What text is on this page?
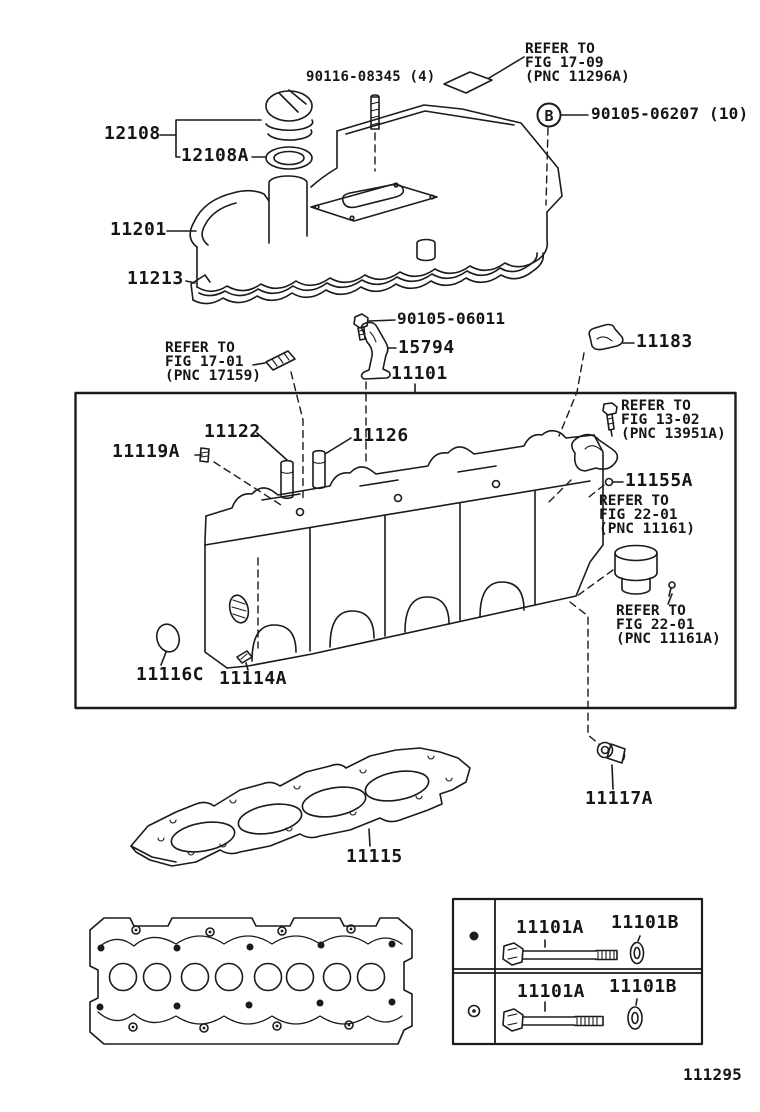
90116-08345 (4)
REFER TO
FIG 17-09
(PNC 11296A)
B 90105-06207 (10)
12108
12108A
11201
11213
90105-06011
15794
11101
REFER TO
FIG 17-01
(PNC 17159)
11122	11126
11119A
11183
REFER TO
FIG 13-02
(PNC 13951A)
11155A
REFER TO
FIG 22-01
(PNC 11161)
REFER TO
FIG 22-01
(PNC 11161A)
11116C 11114A
11115
11117A
11101A 11101B
11101A 11101B
111295
